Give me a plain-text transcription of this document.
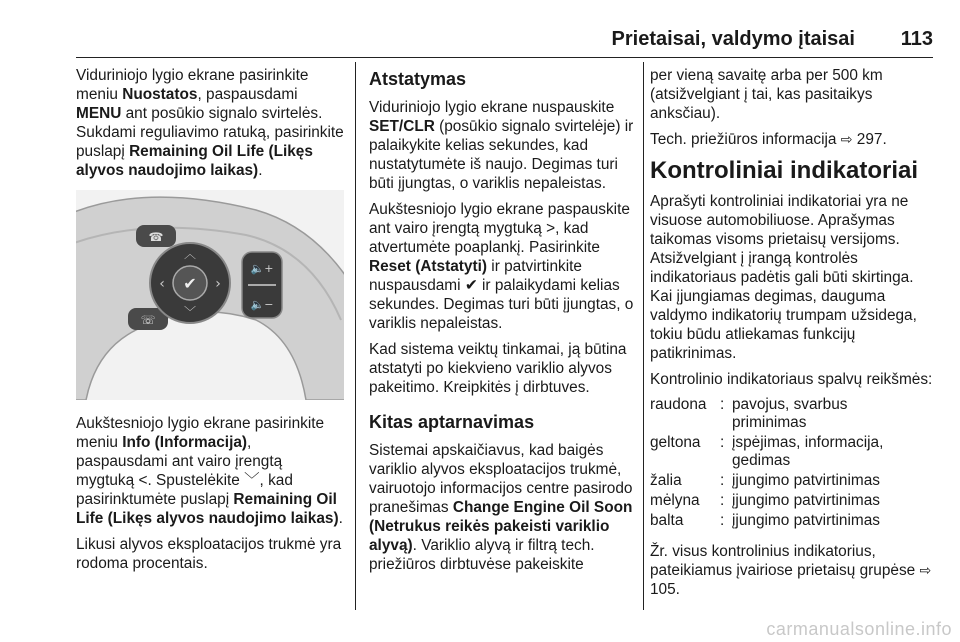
Prietaisai, valdymo įtaisai 113

Viduriniojo lygio ekrane pasirinkite meniu Nuostatos, paspausdami MENU ant posūkio signalo svirtelės. Sukdami reguliavimo ratuką, pasirinkite puslapį Remaining Oil Life (Likęs alyvos naudojimo laikas).

☎
☏
✔
︿
﹀
‹	›
🔈+
🔈−

Aukštesniojo lygio ekrane pasirinkite meniu Info (Informacija), paspausdami ant vairo įrengtą mygtuką <. Spustelėkite ﹀, kad pasirinktumėte puslapį Remaining Oil Life (Likęs alyvos naudojimo laikas).

Likusi alyvos eksploatacijos trukmė yra rodoma procentais.

Atstatymas

Viduriniojo lygio ekrane nuspauskite SET/CLR (posūkio signalo svirtelėje) ir palaikykite kelias sekundes, kad nustatytumėte iš naujo. Degimas turi būti įjungtas, o variklis nepaleistas.

Aukštesniojo lygio ekrane paspauskite ant vairo įrengtą mygtuką >, kad atvertumėte poaplankį. Pasirinkite Reset (Atstatyti) ir patvirtinkite nuspausdami ✔ ir palaikydami kelias sekundes. Degimas turi būti įjungtas, o variklis nepaleistas.

Kad sistema veiktų tinkamai, ją būtina atstatyti po kiekvieno variklio alyvos pakeitimo. Kreipkitės į dirbtuves.

Kitas aptarnavimas

Sistemai apskaičiavus, kad baigės variklio alyvos eksploatacijos trukmė, vairuotojo informacijos centre pasirodo pranešimas Change Engine Oil Soon (Netrukus reikės pakeisti variklio alyvą). Variklio alyvą ir filtrą tech. priežiūros dirbtuvėse pakeiskite

per vieną savaitę arba per 500 km (atsižvelgiant į tai, kas pasitaikys anksčiau).

Tech. priežiūros informacija ⇨ 297.

Kontroliniai indikatoriai

Aprašyti kontroliniai indikatoriai yra ne visuose automobiliuose. Aprašymas taikomas visoms prietaisų versijoms. Atsižvelgiant į įrangą kontrolės indikatoriaus padėtis gali būti skirtinga. Kai įjungiamas degimas, dauguma valdymo indikatorių trumpam užsidega, tokiu būdu atliekamas funkcijų patikrinimas.

Kontrolinio indikatoriaus spalvų reikšmės:

raudona	:	pavojus, svarbus priminimas
geltona	:	įspėjimas, informacija, gedimas
žalia	:	įjungimo patvirtinimas
mėlyna	:	įjungimo patvirtinimas
balta	:	įjungimo patvirtinimas

Žr. visus kontrolinius indikatorius, pateikiamus įvairiose prietaisų grupėse ⇨ 105.

carmanualsonline.info
